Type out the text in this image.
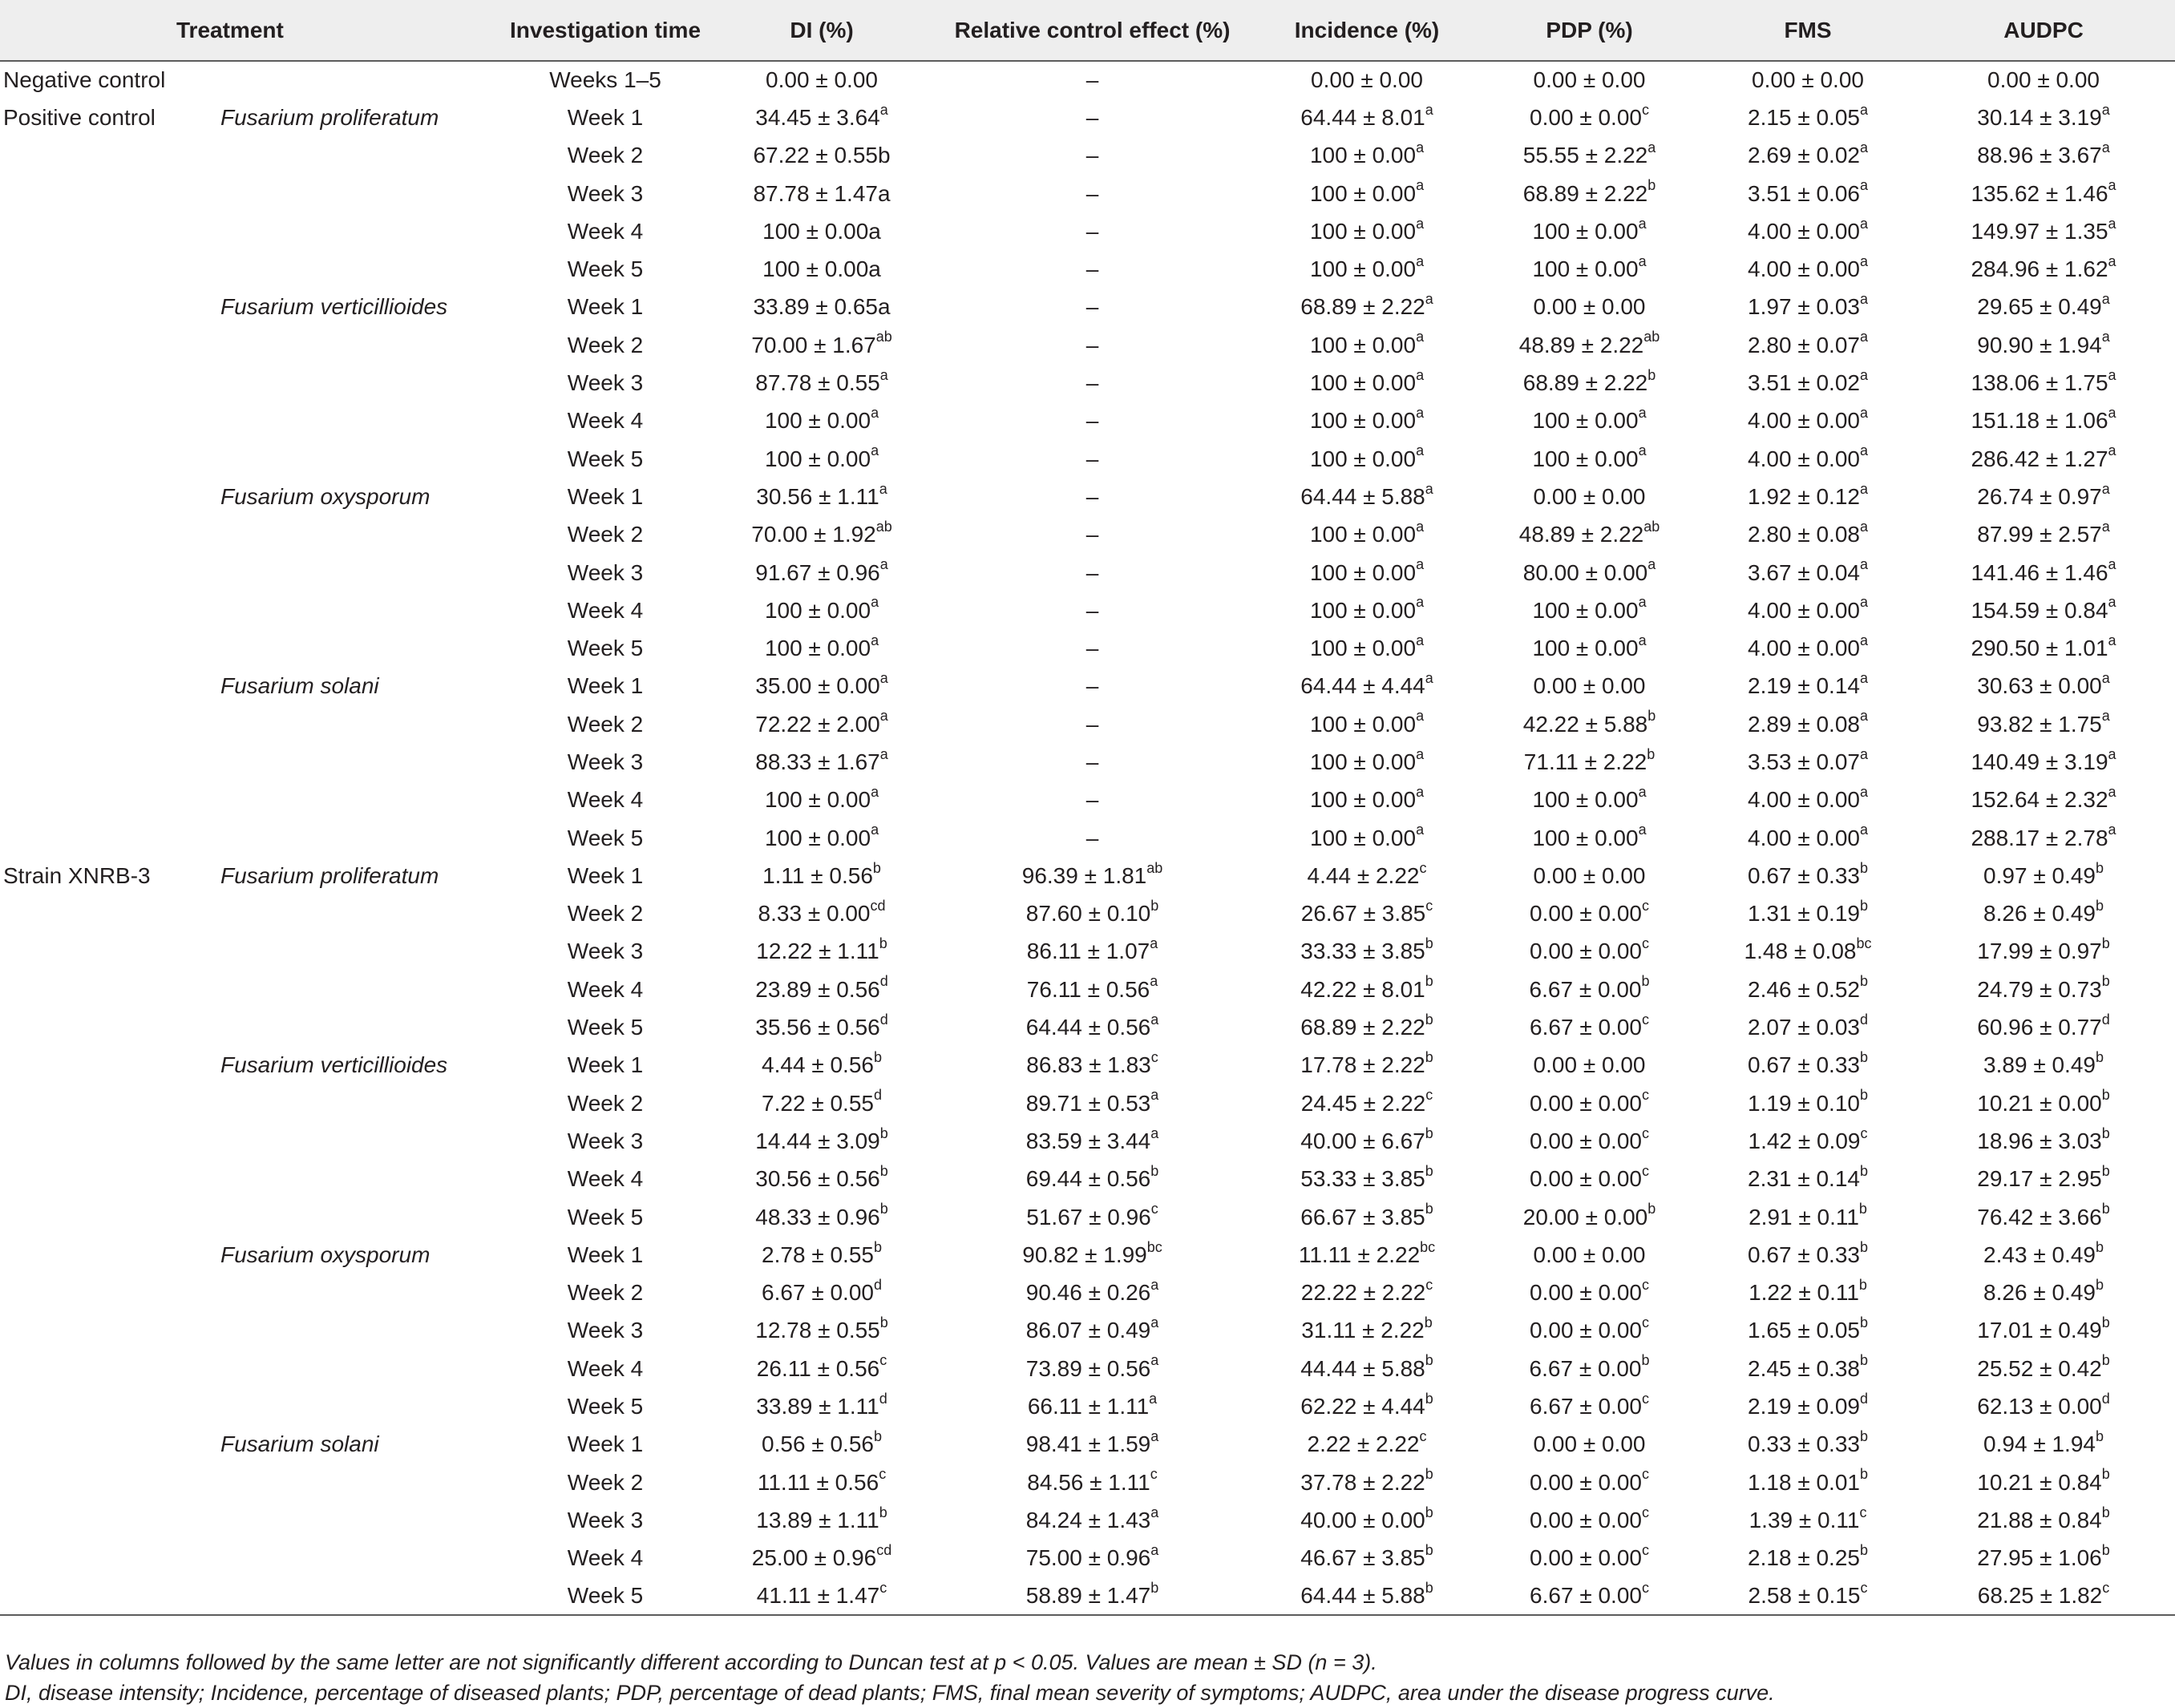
Treatment		Investigation time	DI (%)	Relative control effect (%)	Incidence (%)	PDP (%)	FMS	AUDPC
Negative control		Weeks 1–5	0.00 ± 0.00	–	0.00 ± 0.00	0.00 ± 0.00	0.00 ± 0.00	0.00 ± 0.00
Positive control	Fusarium proliferatum	Week 1	34.45 ± 3.64$^a$	–	64.44 ± 8.01$^a$	0.00 ± 0.00$^c$	2.15 ± 0.05$^a$	30.14 ± 3.19$^a$
		Week 2	67.22 ± 0.55b	–	100 ± 0.00$^a$	55.55 ± 2.22$^a$	2.69 ± 0.02$^a$	88.96 ± 3.67$^a$
		Week 3	87.78 ± 1.47a	–	100 ± 0.00$^a$	68.89 ± 2.22$^b$	3.51 ± 0.06$^a$	135.62 ± 1.46$^a$
		Week 4	100 ± 0.00a	–	100 ± 0.00$^a$	100 ± 0.00$^a$	4.00 ± 0.00$^a$	149.97 ± 1.35$^a$
		Week 5	100 ± 0.00a	–	100 ± 0.00$^a$	100 ± 0.00$^a$	4.00 ± 0.00$^a$	284.96 ± 1.62$^a$
	Fusarium verticillioides	Week 1	33.89 ± 0.65a	–	68.89 ± 2.22$^a$	0.00 ± 0.00	1.97 ± 0.03$^a$	29.65 ± 0.49$^a$
		Week 2	70.00 ± 1.67$^{ab}$	–	100 ± 0.00$^a$	48.89 ± 2.22$^{ab}$	2.80 ± 0.07$^a$	90.90 ± 1.94$^a$
		Week 3	87.78 ± 0.55$^a$	–	100 ± 0.00$^a$	68.89 ± 2.22$^b$	3.51 ± 0.02$^a$	138.06 ± 1.75$^a$
		Week 4	100 ± 0.00$^a$	–	100 ± 0.00$^a$	100 ± 0.00$^a$	4.00 ± 0.00$^a$	151.18 ± 1.06$^a$
		Week 5	100 ± 0.00$^a$	–	100 ± 0.00$^a$	100 ± 0.00$^a$	4.00 ± 0.00$^a$	286.42 ± 1.27$^a$
	Fusarium oxysporum	Week 1	30.56 ± 1.11$^a$	–	64.44 ± 5.88$^a$	0.00 ± 0.00	1.92 ± 0.12$^a$	26.74 ± 0.97$^a$
		Week 2	70.00 ± 1.92$^{ab}$	–	100 ± 0.00$^a$	48.89 ± 2.22$^{ab}$	2.80 ± 0.08$^a$	87.99 ± 2.57$^a$
		Week 3	91.67 ± 0.96$^a$	–	100 ± 0.00$^a$	80.00 ± 0.00$^a$	3.67 ± 0.04$^a$	141.46 ± 1.46$^a$
		Week 4	100 ± 0.00$^a$	–	100 ± 0.00$^a$	100 ± 0.00$^a$	4.00 ± 0.00$^a$	154.59 ± 0.84$^a$
		Week 5	100 ± 0.00$^a$	–	100 ± 0.00$^a$	100 ± 0.00$^a$	4.00 ± 0.00$^a$	290.50 ± 1.01$^a$
	Fusarium solani	Week 1	35.00 ± 0.00$^a$	–	64.44 ± 4.44$^a$	0.00 ± 0.00	2.19 ± 0.14$^a$	30.63 ± 0.00$^a$
		Week 2	72.22 ± 2.00$^a$	–	100 ± 0.00$^a$	42.22 ± 5.88$^b$	2.89 ± 0.08$^a$	93.82 ± 1.75$^a$
		Week 3	88.33 ± 1.67$^a$	–	100 ± 0.00$^a$	71.11 ± 2.22$^b$	3.53 ± 0.07$^a$	140.49 ± 3.19$^a$
		Week 4	100 ± 0.00$^a$	–	100 ± 0.00$^a$	100 ± 0.00$^a$	4.00 ± 0.00$^a$	152.64 ± 2.32$^a$
		Week 5	100 ± 0.00$^a$	–	100 ± 0.00$^a$	100 ± 0.00$^a$	4.00 ± 0.00$^a$	288.17 ± 2.78$^a$
Strain XNRB-3	Fusarium proliferatum	Week 1	1.11 ± 0.56$^b$	96.39 ± 1.81$^{ab}$	4.44 ± 2.22$^c$	0.00 ± 0.00	0.67 ± 0.33$^b$	0.97 ± 0.49$^b$
		Week 2	8.33 ± 0.00$^{cd}$	87.60 ± 0.10$^b$	26.67 ± 3.85$^c$	0.00 ± 0.00$^c$	1.31 ± 0.19$^b$	8.26 ± 0.49$^b$
		Week 3	12.22 ± 1.11$^b$	86.11 ± 1.07$^a$	33.33 ± 3.85$^b$	0.00 ± 0.00$^c$	1.48 ± 0.08$^{bc}$	17.99 ± 0.97$^b$
		Week 4	23.89 ± 0.56$^d$	76.11 ± 0.56$^a$	42.22 ± 8.01$^b$	6.67 ± 0.00$^b$	2.46 ± 0.52$^b$	24.79 ± 0.73$^b$
		Week 5	35.56 ± 0.56$^d$	64.44 ± 0.56$^a$	68.89 ± 2.22$^b$	6.67 ± 0.00$^c$	2.07 ± 0.03$^d$	60.96 ± 0.77$^d$
	Fusarium verticillioides	Week 1	4.44 ± 0.56$^b$	86.83 ± 1.83$^c$	17.78 ± 2.22$^b$	0.00 ± 0.00	0.67 ± 0.33$^b$	3.89 ± 0.49$^b$
		Week 2	7.22 ± 0.55$^d$	89.71 ± 0.53$^a$	24.45 ± 2.22$^c$	0.00 ± 0.00$^c$	1.19 ± 0.10$^b$	10.21 ± 0.00$^b$
		Week 3	14.44 ± 3.09$^b$	83.59 ± 3.44$^a$	40.00 ± 6.67$^b$	0.00 ± 0.00$^c$	1.42 ± 0.09$^c$	18.96 ± 3.03$^b$
		Week 4	30.56 ± 0.56$^b$	69.44 ± 0.56$^b$	53.33 ± 3.85$^b$	0.00 ± 0.00$^c$	2.31 ± 0.14$^b$	29.17 ± 2.95$^b$
		Week 5	48.33 ± 0.96$^b$	51.67 ± 0.96$^c$	66.67 ± 3.85$^b$	20.00 ± 0.00$^b$	2.91 ± 0.11$^b$	76.42 ± 3.66$^b$
	Fusarium oxysporum	Week 1	2.78 ± 0.55$^b$	90.82 ± 1.99$^{bc}$	11.11 ± 2.22$^{bc}$	0.00 ± 0.00	0.67 ± 0.33$^b$	2.43 ± 0.49$^b$
		Week 2	6.67 ± 0.00$^d$	90.46 ± 0.26$^a$	22.22 ± 2.22$^c$	0.00 ± 0.00$^c$	1.22 ± 0.11$^b$	8.26 ± 0.49$^b$
		Week 3	12.78 ± 0.55$^b$	86.07 ± 0.49$^a$	31.11 ± 2.22$^b$	0.00 ± 0.00$^c$	1.65 ± 0.05$^b$	17.01 ± 0.49$^b$
		Week 4	26.11 ± 0.56$^c$	73.89 ± 0.56$^a$	44.44 ± 5.88$^b$	6.67 ± 0.00$^b$	2.45 ± 0.38$^b$	25.52 ± 0.42$^b$
		Week 5	33.89 ± 1.11$^d$	66.11 ± 1.11$^a$	62.22 ± 4.44$^b$	6.67 ± 0.00$^c$	2.19 ± 0.09$^d$	62.13 ± 0.00$^d$
	Fusarium solani	Week 1	0.56 ± 0.56$^b$	98.41 ± 1.59$^a$	2.22 ± 2.22$^c$	0.00 ± 0.00	0.33 ± 0.33$^b$	0.94 ± 1.94$^b$
		Week 2	11.11 ± 0.56$^c$	84.56 ± 1.11$^c$	37.78 ± 2.22$^b$	0.00 ± 0.00$^c$	1.18 ± 0.01$^b$	10.21 ± 0.84$^b$
		Week 3	13.89 ± 1.11$^b$	84.24 ± 1.43$^a$	40.00 ± 0.00$^b$	0.00 ± 0.00$^c$	1.39 ± 0.11$^c$	21.88 ± 0.84$^b$
		Week 4	25.00 ± 0.96$^{cd}$	75.00 ± 0.96$^a$	46.67 ± 3.85$^b$	0.00 ± 0.00$^c$	2.18 ± 0.25$^b$	27.95 ± 1.06$^b$
		Week 5	41.11 ± 1.47$^c$	58.89 ± 1.47$^b$	64.44 ± 5.88$^b$	6.67 ± 0.00$^c$	2.58 ± 0.15$^c$	68.25 ± 1.82$^c$
Values in columns followed by the same letter are not significantly different according to Duncan test at p < 0.05. Values are mean ± SD (n = 3).
DI, disease intensity; Incidence, percentage of diseased plants; PDP, percentage of dead plants; FMS, final mean severity of symptoms; AUDPC, area under the disease progress curve.
